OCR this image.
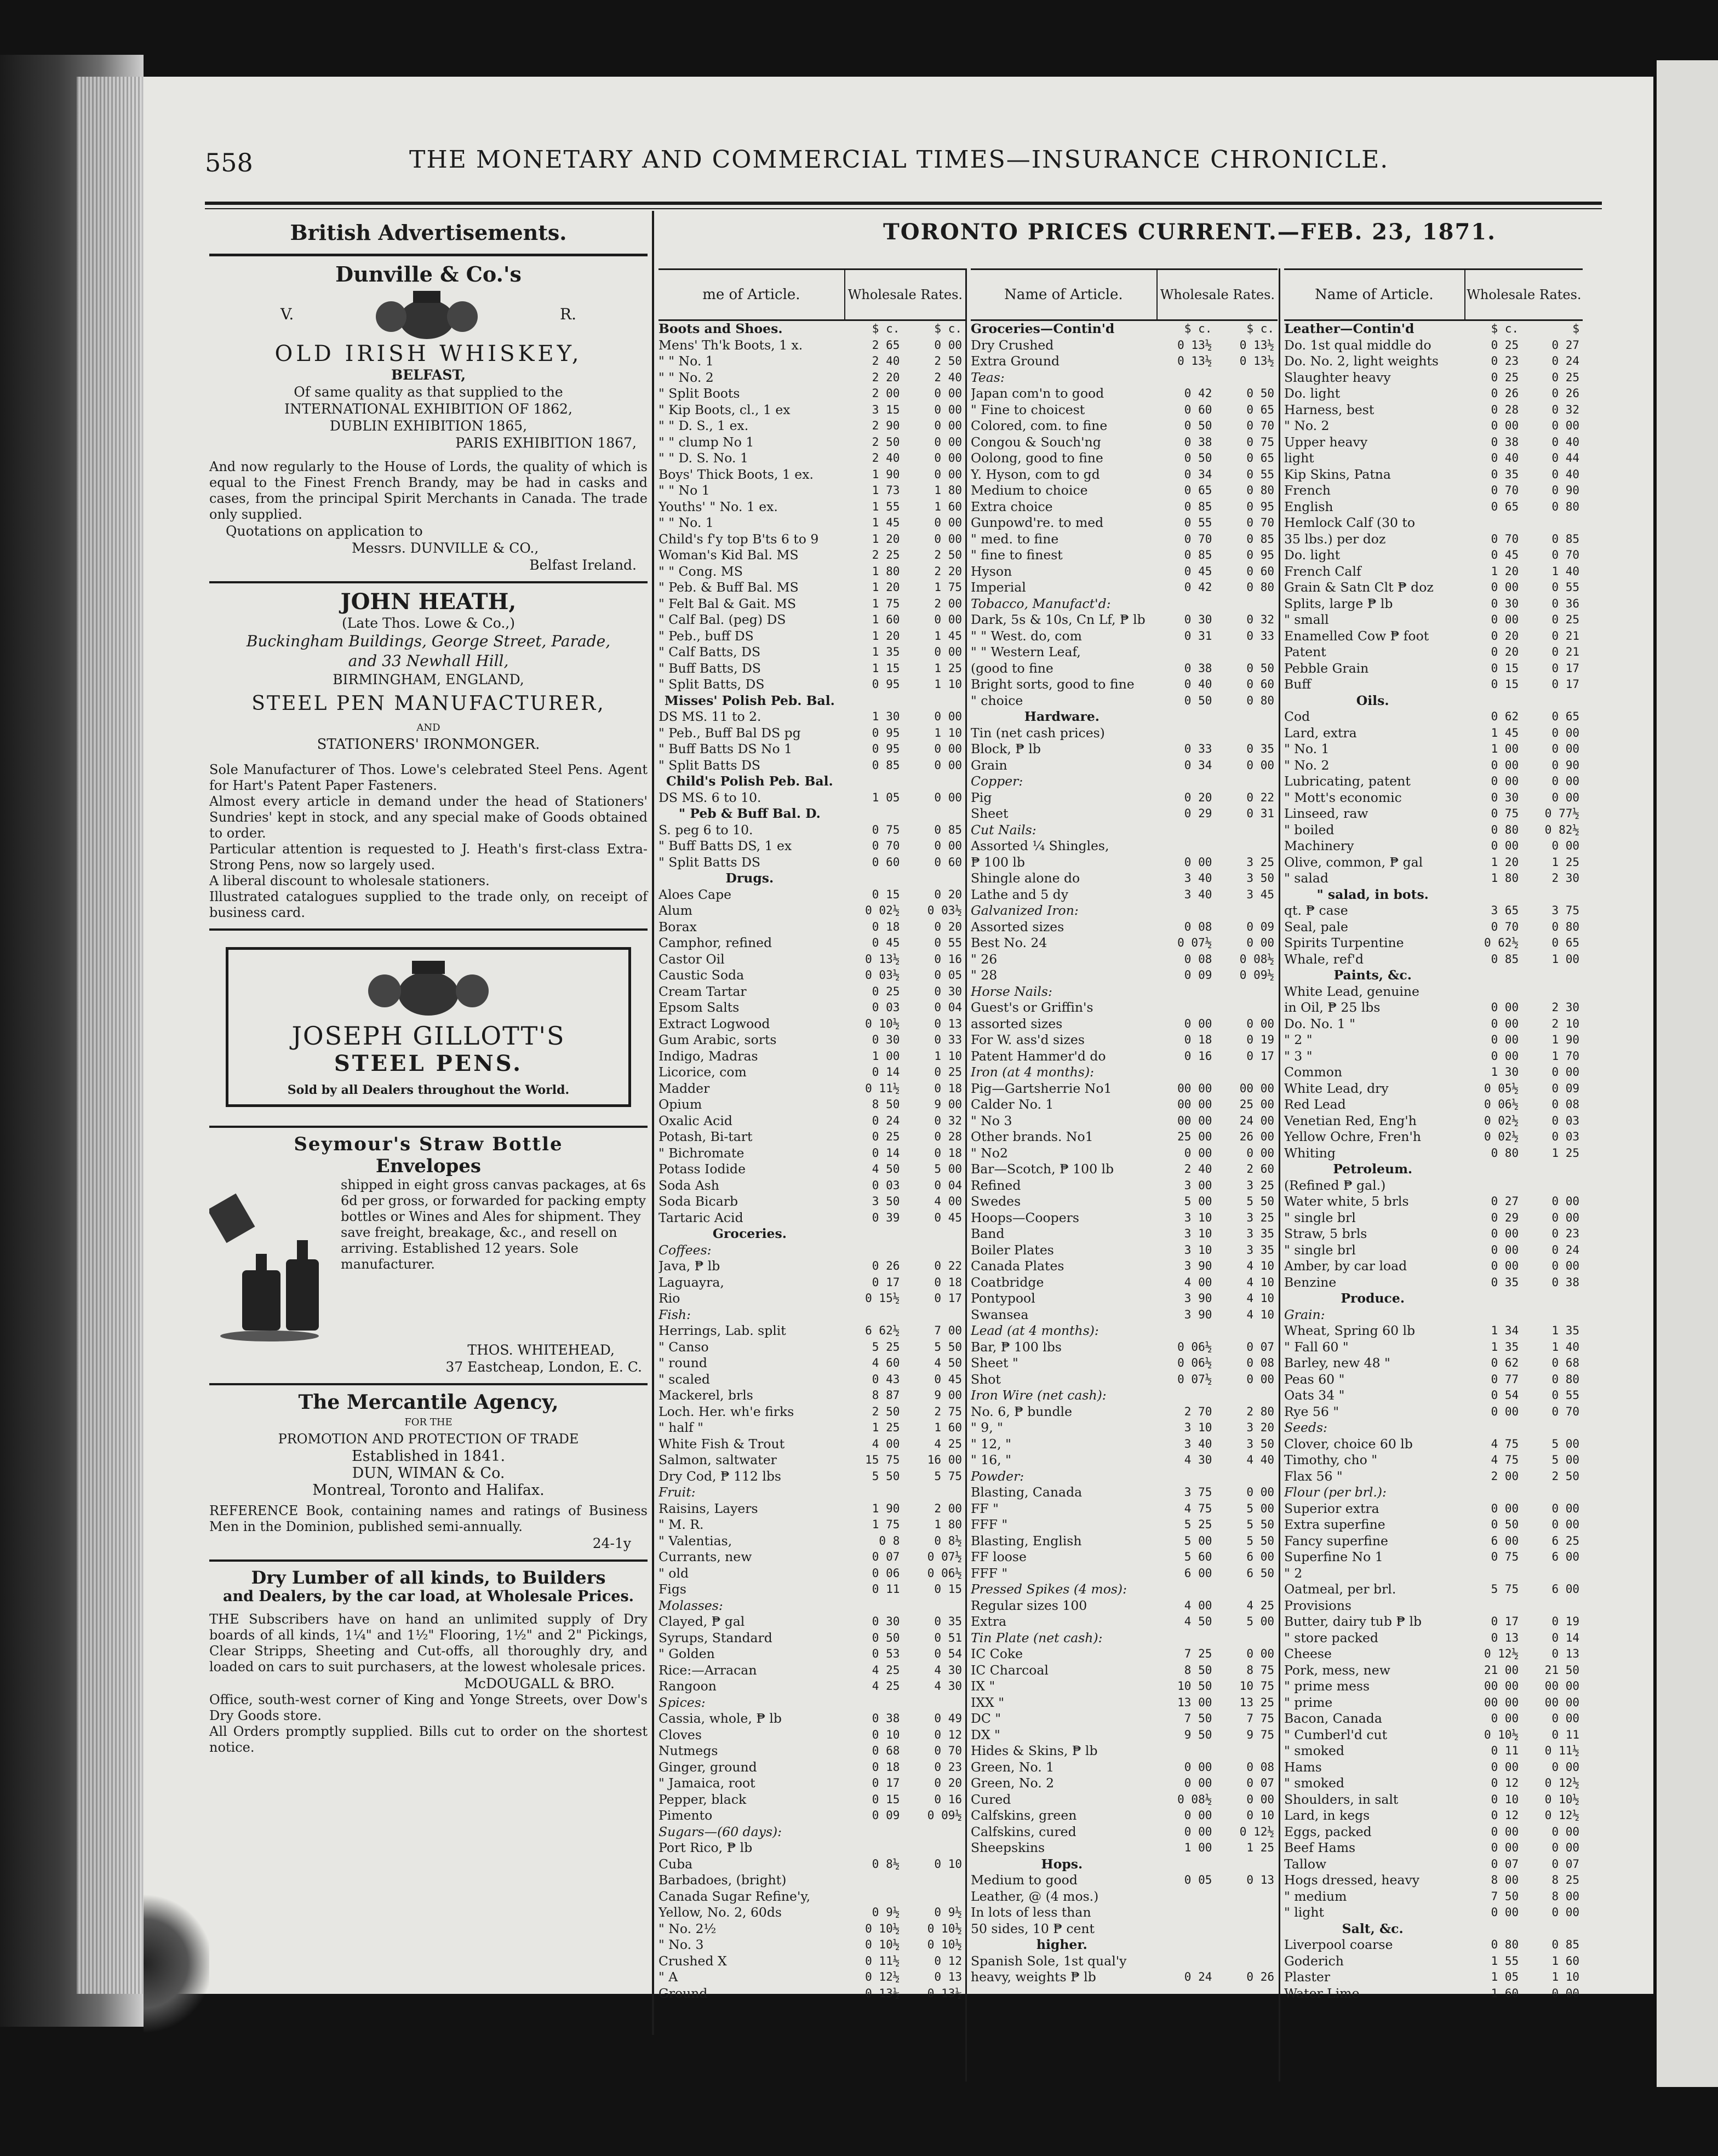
558	THE MONETARY AND COMMERCIAL TIMES—INSURANCE CHRONICLE.
British Advertisements.
Dunville & Co.'s
V.	R.
OLD IRISH WHISKEY,
BELFAST,
Of same quality as that supplied to the
INTERNATIONAL EXHIBITION OF 1862,
DUBLIN EXHIBITION 1865,
PARIS EXHIBITION 1867,
And now regularly to the House of Lords, the quality of which is equal to the Finest French Brandy, may be had in casks and cases, from the principal Spirit Merchants in Canada. The trade only supplied.
Quotations on application to
Messrs. DUNVILLE & CO.,
Belfast Ireland.
JOHN HEATH,
(Late Thos. Lowe & Co.,)
Buckingham Buildings, George Street, Parade,
and 33 Newhall Hill,
BIRMINGHAM, ENGLAND,
STEEL PEN MANUFACTURER,
AND
STATIONERS' IRONMONGER.
Sole Manufacturer of Thos. Lowe's celebrated Steel Pens. Agent for Hart's Patent Paper Fasteners.
Almost every article in demand under the head of Stationers' Sundries' kept in stock, and any special make of Goods obtained to order.
Particular attention is requested to J. Heath's first-class Extra-Strong Pens, now so largely used.
A liberal discount to wholesale stationers.
Illustrated catalogues supplied to the trade only, on receipt of business card.
JOSEPH GILLOTT'S
STEEL PENS.
Sold by all Dealers throughout the World.
Seymour's Straw Bottle
Envelopes
shipped in eight gross canvas packages, at 6s 6d per gross, or forwarded for packing empty bottles or Wines and Ales for shipment. They save freight, breakage, &c., and resell on arriving. Established 12 years. Sole manufacturer.
THOS. WHITEHEAD,
37 Eastcheap, London, E. C.
The Mercantile Agency,
FOR THE
PROMOTION AND PROTECTION OF TRADE
Established in 1841.
DUN, WIMAN & Co.
Montreal, Toronto and Halifax.
REFERENCE Book, containing names and ratings of Business Men in the Dominion, published semi-annually.
24-1y
Dry Lumber of all kinds, to Builders
and Dealers, by the car load, at Wholesale Prices.
THE Subscribers have on hand an unlimited supply of Dry boards of all kinds, 1¼" and 1½" Flooring, 1½" and 2" Pickings, Clear Stripps, Sheeting and Cut-offs, all thoroughly dry, and loaded on cars to suit purchasers, at the lowest wholesale prices.
McDOUGALL & BRO.
Office, south-west corner of King and Yonge Streets, over Dow's Dry Goods store.
All Orders promptly supplied. Bills cut to order on the shortest notice.
TORONTO PRICES CURRENT.—FEB. 23, 1871.
me of Article.	Wholesale Rates.
Boots and Shoes.	$ c.	$ c.
Mens' Th'k Boots, 1 x.	2 65	0 00
" " No. 1	2 40	2 50
" " No. 2	2 20	2 40
" Split Boots	2 00	0 00
" Kip Boots, cl., 1 ex	3 15	0 00
" " D. S., 1 ex.	2 90	0 00
" " clump No 1	2 50	0 00
" " D. S. No. 1	2 40	0 00
Boys' Thick Boots, 1 ex.	1 90	0 00
" " No 1	1 73	1 80
Youths' " No. 1 ex.	1 55	1 60
" " No. 1	1 45	0 00
Child's f'y top B'ts 6 to 9	1 20	0 00
Woman's Kid Bal. MS	2 25	2 50
" " Cong. MS	1 80	2 20
" Peb. & Buff Bal. MS	1 20	1 75
" Felt Bal & Gait. MS	1 75	2 00
" Calf Bal. (peg) DS	1 60	0 00
" Peb., buff DS	1 20	1 45
" Calf Batts, DS	1 35	0 00
" Buff Batts, DS	1 15	1 25
" Split Batts, DS	0 95	1 10
Misses' Polish Peb. Bal.
DS MS. 11 to 2.	1 30	0 00
" Peb., Buff Bal DS pg	0 95	1 10
" Buff Batts DS No 1	0 95	0 00
" Split Batts DS	0 85	0 00
Child's Polish Peb. Bal.
DS MS. 6 to 10.	1 05	0 00
" Peb & Buff Bal. D.
S. peg 6 to 10.	0 75	0 85
" Buff Batts DS, 1 ex	0 70	0 00
" Split Batts DS	0 60	0 60
Drugs.
Aloes Cape	0 15	0 20
Alum	0 02½	0 03½
Borax	0 18	0 20
Camphor, refined	0 45	0 55
Castor Oil	0 13½	0 16
Caustic Soda	0 03½	0 05
Cream Tartar	0 25	0 30
Epsom Salts	0 03	0 04
Extract Logwood	0 10½	0 13
Gum Arabic, sorts	0 30	0 33
Indigo, Madras	1 00	1 10
Licorice, com	0 14	0 25
Madder	0 11½	0 18
Opium	8 50	9 00
Oxalic Acid	0 24	0 32
Potash, Bi-tart	0 25	0 28
" Bichromate	0 14	0 18
Potass Iodide	4 50	5 00
Soda Ash	0 03	0 04
Soda Bicarb	3 50	4 00
Tartaric Acid	0 39	0 45
Groceries.
Coffees:
Java, ₱ lb	0 26	0 22
Laguayra,	0 17	0 18
Rio	0 15½	0 17
Fish:
Herrings, Lab. split	6 62½	7 00
" Canso	5 25	5 50
" round	4 60	4 50
" scaled	0 43	0 45
Mackerel, brls	8 87	9 00
Loch. Her. wh'e firks	2 50	2 75
" half "	1 25	1 60
White Fish & Trout	4 00	4 25
Salmon, saltwater	15 75	16 00
Dry Cod, ₱ 112 lbs	5 50	5 75
Fruit:
Raisins, Layers	1 90	2 00
" M. R.	1 75	1 80
" Valentias,	0 8	0 8½
Currants, new	0 07	0 07½
" old	0 06	0 06½
Figs	0 11	0 15
Molasses:
Clayed, ₱ gal	0 30	0 35
Syrups, Standard	0 50	0 51
" Golden	0 53	0 54
Rice:—Arracan	4 25	4 30
Rangoon	4 25	4 30
Spices:
Cassia, whole, ₱ lb	0 38	0 49
Cloves	0 10	0 12
Nutmegs	0 68	0 70
Ginger, ground	0 18	0 23
" Jamaica, root	0 17	0 20
Pepper, black	0 15	0 16
Pimento	0 09	0 09½
Sugars—(60 days):
Port Rico, ₱ lb
Cuba	0 8½	0 10
Barbadoes, (bright)
Canada Sugar Refine'y,
Yellow, No. 2, 60ds	0 9½	0 9½
" No. 2½	0 10½	0 10½
" No. 3	0 10½	0 10½
Crushed X	0 11½	0 12
" A	0 12½	0 13
Ground	0 13½	0 13½
Name of Article.	Wholesale Rates.
Groceries—Contin'd	$ c.	$ c.
Dry Crushed	0 13½	0 13½
Extra Ground	0 13½	0 13½
Teas:
Japan com'n to good	0 42	0 50
" Fine to choicest	0 60	0 65
Colored, com. to fine	0 50	0 70
Congou & Souch'ng	0 38	0 75
Oolong, good to fine	0 50	0 65
Y. Hyson, com to gd	0 34	0 55
Medium to choice	0 65	0 80
Extra choice	0 85	0 95
Gunpowd're. to med	0 55	0 70
" med. to fine	0 70	0 85
" fine to finest	0 85	0 95
Hyson	0 45	0 60
Imperial	0 42	0 80
Tobacco, Manufact'd:
Dark, 5s & 10s, Cn Lf, ₱ lb	0 30	0 32
" " West. do, com	0 31	0 33
" " Western Leaf,
(good to fine	0 38	0 50
Bright sorts, good to fine	0 40	0 60
" choice	0 50	0 80
Hardware.
Tin (net cash prices)
Block, ₱ lb	0 33	0 35
Grain	0 34	0 00
Copper:
Pig	0 20	0 22
Sheet	0 29	0 31
Cut Nails:
Assorted ¼ Shingles,
₱ 100 lb	0 00	3 25
Shingle alone do	3 40	3 50
Lathe and 5 dy	3 40	3 45
Galvanized Iron:
Assorted sizes	0 08	0 09
Best No. 24	0 07½	0 00
" 26	0 08	0 08½
" 28	0 09	0 09½
Horse Nails:
Guest's or Griffin's
assorted sizes	0 00	0 00
For W. ass'd sizes	0 18	0 19
Patent Hammer'd do	0 16	0 17
Iron (at 4 months):
Pig—Gartsherrie No1	00 00	00 00
Calder No. 1	00 00	25 00
" No 3	00 00	24 00
Other brands. No1	25 00	26 00
" No2	0 00	0 00
Bar—Scotch, ₱ 100 lb	2 40	2 60
Refined	3 00	3 25
Swedes	5 00	5 50
Hoops—Coopers	3 10	3 25
Band	3 10	3 35
Boiler Plates	3 10	3 35
Canada Plates	3 90	4 10
Coatbridge	4 00	4 10
Pontypool	3 90	4 10
Swansea	3 90	4 10
Lead (at 4 months):
Bar, ₱ 100 lbs	0 06½	0 07
Sheet "	0 06½	0 08
Shot	0 07½	0 00
Iron Wire (net cash):
No. 6, ₱ bundle	2 70	2 80
" 9, "	3 10	3 20
" 12, "	3 40	3 50
" 16, "	4 30	4 40
Powder:
Blasting, Canada	3 75	0 00
FF "	4 75	5 00
FFF "	5 25	5 50
Blasting, English	5 00	5 50
FF loose	5 60	6 00
FFF "	6 00	6 50
Pressed Spikes (4 mos):
Regular sizes 100	4 00	4 25
Extra	4 50	5 00
Tin Plate (net cash):
IC Coke	7 25	0 00
IC Charcoal	8 50	8 75
IX "	10 50	10 75
IXX "	13 00	13 25
DC "	7 50	7 75
DX "	9 50	9 75
Hides & Skins, ₱ lb
Green, No. 1	0 00	0 08
Green, No. 2	0 00	0 07
Cured	0 08½	0 00
Calfskins, green	0 00	0 10
Calfskins, cured	0 00	0 12½
Sheepskins	1 00	1 25
Hops.
Medium to good	0 05	0 13
Leather, @ (4 mos.)
In lots of less than
50 sides, 10 ₱ cent
higher.
Spanish Sole, 1st qual'y
heavy, weights ₱ lb	0 24	0 26
Name of Article.	Wholesale Rates.
Leather—Contin'd	$ c.	$
Do. 1st qual middle do	0 25	0 27
Do. No. 2, light weights	0 23	0 24
Slaughter heavy	0 25	0 25
Do. light	0 26	0 26
Harness, best	0 28	0 32
" No. 2	0 00	0 00
Upper heavy	0 38	0 40
light	0 40	0 44
Kip Skins, Patna	0 35	0 40
French	0 70	0 90
English	0 65	0 80
Hemlock Calf (30 to
35 lbs.) per doz	0 70	0 85
Do. light	0 45	0 70
French Calf	1 20	1 40
Grain & Satn Clt ₱ doz	0 00	0 55
Splits, large ₱ lb	0 30	0 36
" small	0 00	0 25
Enamelled Cow ₱ foot	0 20	0 21
Patent	0 20	0 21
Pebble Grain	0 15	0 17
Buff	0 15	0 17
Oils.
Cod	0 62	0 65
Lard, extra	1 45	0 00
" No. 1	1 00	0 00
" No. 2	0 00	0 90
Lubricating, patent	0 00	0 00
" Mott's economic	0 30	0 00
Linseed, raw	0 75	0 77½
" boiled	0 80	0 82½
Machinery	0 00	0 00
Olive, common, ₱ gal	1 20	1 25
" salad	1 80	2 30
" salad, in bots.
qt. ₱ case	3 65	3 75
Seal, pale	0 70	0 80
Spirits Turpentine	0 62½	0 65
Whale, ref'd	0 85	1 00
Paints, &c.
White Lead, genuine
in Oil, ₱ 25 lbs	0 00	2 30
Do. No. 1 "	0 00	2 10
" 2 "	0 00	1 90
" 3 "	0 00	1 70
Common	1 30	0 00
White Lead, dry	0 05½	0 09
Red Lead	0 06½	0 08
Venetian Red, Eng'h	0 02½	0 03
Yellow Ochre, Fren'h	0 02½	0 03
Whiting	0 80	1 25
Petroleum.
(Refined ₱ gal.)
Water white, 5 brls	0 27	0 00
" single brl	0 29	0 00
Straw, 5 brls	0 00	0 23
" single brl	0 00	0 24
Amber, by car load	0 00	0 00
Benzine	0 35	0 38
Produce.
Grain:
Wheat, Spring 60 lb	1 34	1 35
" Fall 60 "	1 35	1 40
Barley, new 48 "	0 62	0 68
Peas 60 "	0 77	0 80
Oats 34 "	0 54	0 55
Rye 56 "	0 00	0 70
Seeds:
Clover, choice 60 lb	4 75	5 00
Timothy, cho "	4 75	5 00
Flax 56 "	2 00	2 50
Flour (per brl.):
Superior extra	0 00	0 00
Extra superfine	0 50	0 00
Fancy superfine	6 00	6 25
Superfine No 1	0 75	6 00
" 2
Oatmeal, per brl.	5 75	6 00
Provisions
Butter, dairy tub ₱ lb	0 17	0 19
" store packed	0 13	0 14
Cheese	0 12½	0 13
Pork, mess, new	21 00	21 50
" prime mess	00 00	00 00
" prime	00 00	00 00
Bacon, Canada	0 00	0 00
" Cumberl'd cut	0 10½	0 11
" smoked	0 11	0 11½
Hams	0 00	0 00
" smoked	0 12	0 12½
Shoulders, in salt	0 10	0 10½
Lard, in kegs	0 12	0 12½
Eggs, packed	0 00	0 00
Beef Hams	0 00	0 00
Tallow	0 07	0 07
Hogs dressed, heavy	8 00	8 25
" medium	7 50	8 00
" light	0 00	0 00
Salt, &c.
Liverpool coarse	0 80	0 85
Goderich	1 55	1 60
Plaster	1 05	1 10
Water Lime	1 60	0 00
